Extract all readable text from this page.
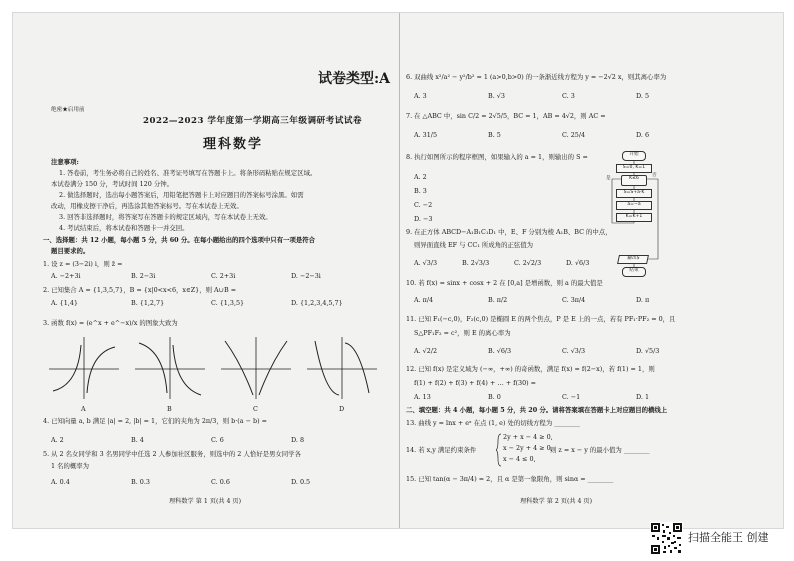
试卷类型:A
绝密★启用前
2022—2023 学年度第一学期高三年级调研考试试卷
理科数学
注意事项:
1. 答卷前，考生务必将自己的姓名、准考证号填写在答题卡上。将条形码粘贴在规定区域。
本试卷满分 150 分，考试时间 120 分钟。
2. 做选择题时，选出每小题答案后，用铅笔把答题卡上对应题目的答案标号涂黑。如需
改动，用橡皮擦干净后，再选涂其他答案标号。写在本试卷上无效。
3. 回答非选择题时，将答案写在答题卡的规定区域内，写在本试卷上无效。
4. 考试结束后，将本试卷和答题卡一并交回。
一、选择题：共 12 小题，每小题 5 分，共 60 分。在每小题给出的四个选项中只有一项是符合
题目要求的。
1. 设 z = (3−2i) i，则 z̄ =
A. −2+3i	B. 2−3i	C. 2+3i	D. −2−3i
2. 已知集合 A = {1,3,5,7}，B = {x|0<x<6，x∈Z}，则 A∪B =
A. {1,4}	B. {1,2,7}	C. {1,3,5}	D. {1,2,3,4,5,7}
3. 函数 f(x) = (e^x + e^−x)/x 的图象大致为
A	B	C	D
4. 已知向量 a, b 满足 |a| = 2, |b| = 1，它们的夹角为 2π/3，则 b·(a − b) =
A. 2	B. 4	C. 6	D. 8
5. 从 2 名女同学和 3 名男同学中任选 2 人参加社区服务，则选中的 2 人恰好是男女同学各
1 名的概率为
A. 0.4	B. 0.3	C. 0.6	D. 0.5
理科数学 第 1 页(共 4 页)
6. 双曲线 x²/a² − y²/b² = 1 (a>0,b>0) 的一条渐近线方程为 y = −2√2 x，则其离心率为
A. 3	B. √3	C. 3	D. 5
7. 在 △ABC 中，sin C/2 = 2√5/5，BC = 1，AB = 4√2，则 AC =
A. 31/5	B. 5	C. 25/4	D. 6
8. 执行如图所示的程序框图，如果输入的 a = 1，则输出的 S =
A. 2
B. 3
C. −2
D. −3
开始
S=0, K=1
K≤6
是
否
S=S+a·K
a=−a
K=K+1
输出S
结束
9. 在正方体 ABCD−A₁B₁C₁D₁ 中，E、F 分别为棱 A₁B、BC 的中点，
则异面直线 EF 与 CC₁ 所成角的正弦值为
A. √3/3	B. 2√3/3	C. 2√2/3	D. √6/3
10. 若 f(x) = sinx + cosx + 2 在 [0,a] 是增函数，则 a 的最大值是
A. π/4	B. π/2	C. 3π/4	D. π
11. 已知 F₁(−c,0)，F₂(c,0) 是椭圆 E 的两个焦点，P 是 E 上的一点，若有 PF₁·PF₂ = 0，且
S△PF₁F₂ = c²，则 E 的离心率为
A. √2/2	B. √6/3	C. √3/3	D. √5/3
12. 已知 f(x) 是定义域为 (−∞，+∞) 的奇函数，满足 f(x) = f(2−x)，若 f(1) = 1，则
f(1) + f(2) + f(3) + f(4) + … + f(30) =
A. 13	B. 0	C. −1	D. 1
二、填空题：共 4 小题，每小题 5 分，共 20 分。请将答案填在答题卡上对应题目的横线上
13. 曲线 y = lnx + eˣ 在点 (1, e) 处的切线方程为 ________
14. 若 x,y 满足约束条件
2y + x − 4 ≥ 0,
x − 2y + 4 ≥ 0,
x − 4 ≤ 0,
则 z = x − y 的最小值为 ________
15. 已知 tan(α − 3π/4) = 2，且 α 是第一象限角，则 sinα = ________
理科数学 第 2 页(共 4 页)
扫描全能王 创建
